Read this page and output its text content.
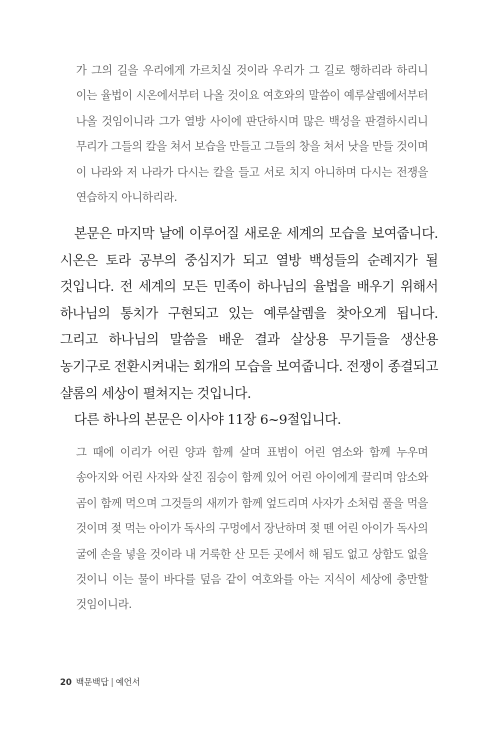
가 그의 길을 우리에게 가르치실 것이라 우리가 그 길로 행하리라 하리니 이는 율법이 시온에서부터 나올 것이요 여호와의 말씀이 예루살렘에서부터 나올 것임이니라 그가 열방 사이에 판단하시며 많은 백성을 판결하시리니 무리가 그들의 칼을 쳐서 보습을 만들고 그들의 창을 쳐서 낫을 만들 것이며 이 나라와 저 나라가 다시는 칼을 들고 서로 치지 아니하며 다시는 전쟁을 연습하지 아니하리라.

본문은 마지막 날에 이루어질 새로운 세계의 모습을 보여줍니다. 시온은 토라 공부의 중심지가 되고 열방 백성들의 순례지가 될 것입니다. 전 세계의 모든 민족이 하나님의 율법을 배우기 위해서 하나님의 통치가 구현되고 있는 예루살렘을 찾아오게 됩니다. 그리고 하나님의 말씀을 배운 결과 살상용 무기들을 생산용 농기구로 전환시켜내는 회개의 모습을 보여줍니다. 전쟁이 종결되고 샬롬의 세상이 펼쳐지는 것입니다.

다른 하나의 본문은 이사야 11장 6~9절입니다.

그 때에 이리가 어린 양과 함께 살며 표범이 어린 염소와 함께 누우며 송아지와 어린 사자와 살진 짐승이 함께 있어 어린 아이에게 끌리며 암소와 곰이 함께 먹으며 그것들의 새끼가 함께 엎드리며 사자가 소처럼 풀을 먹을 것이며 젖 먹는 아이가 독사의 구멍에서 장난하며 젖 뗀 어린 아이가 독사의 굴에 손을 넣을 것이라 내 거룩한 산 모든 곳에서 해 됨도 없고 상함도 없을 것이니 이는 물이 바다를 덮음 같이 여호와를 아는 지식이 세상에 충만할 것임이니라.

20 백문백답 | 예언서
